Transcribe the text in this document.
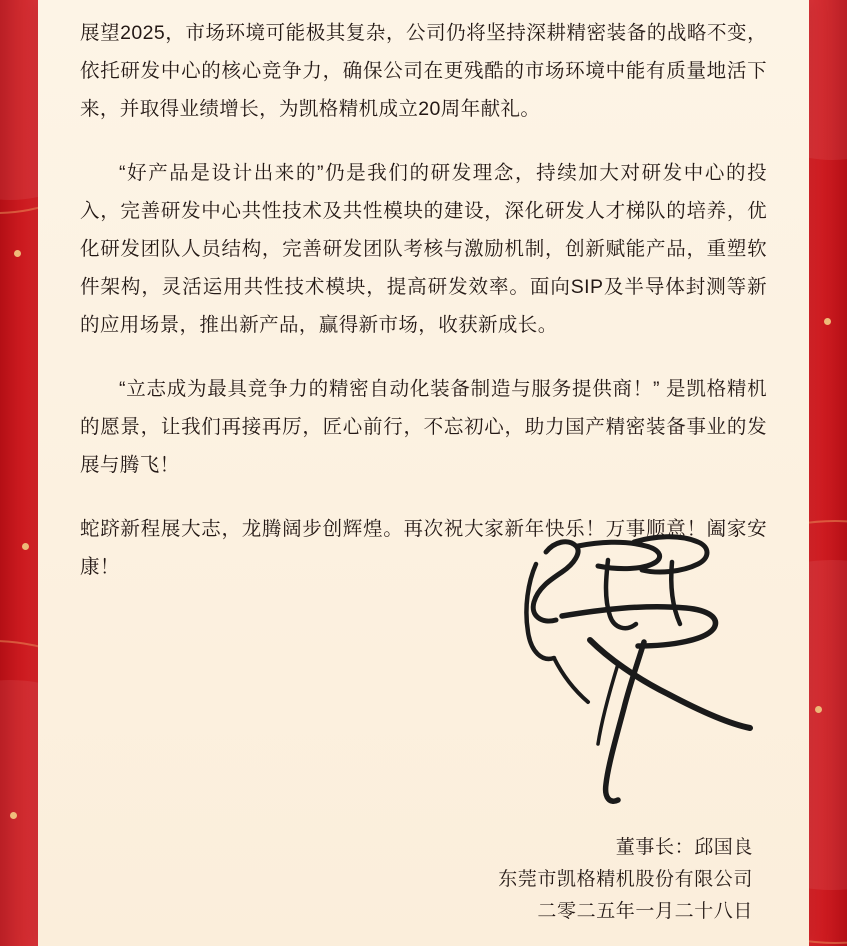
展望2025，市场环境可能极其复杂，公司仍将坚持深耕精密装备的战略不变，依托研发中心的核心竞争力，确保公司在更残酷的市场环境中能有质量地活下来，并取得业绩增长，为凯格精机成立20周年献礼。

“好产品是设计出来的”仍是我们的研发理念，持续加大对研发中心的投入，完善研发中心共性技术及共性模块的建设，深化研发人才梯队的培养，优化研发团队人员结构，完善研发团队考核与激励机制，创新赋能产品，重塑软件架构，灵活运用共性技术模块，提高研发效率。面向SIP及半导体封测等新的应用场景，推出新产品，赢得新市场，收获新成长。

“立志成为最具竞争力的精密自动化装备制造与服务提供商！” 是凯格精机的愿景，让我们再接再厉，匠心前行，不忘初心，助力国产精密装备事业的发展与腾飞！

蛇跻新程展大志，龙腾阔步创辉煌。再次祝大家新年快乐！万事顺意！阖家安康！

董事长：邱国良
东莞市凯格精机股份有限公司
二零二五年一月二十八日
